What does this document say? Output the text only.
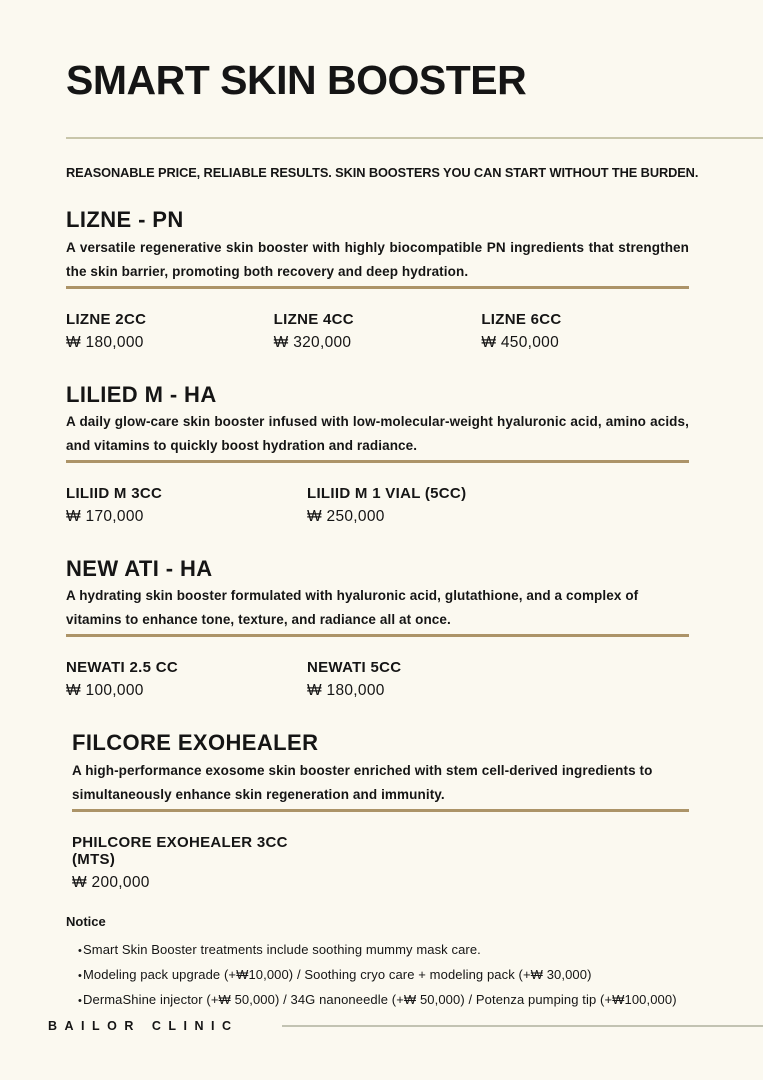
SMART SKIN BOOSTER

REASONABLE PRICE, RELIABLE RESULTS. SKIN BOOSTERS YOU CAN START WITHOUT THE BURDEN.

LIZNE - PN

A versatile regenerative skin booster with highly biocompatible PN ingredients that strengthen the skin barrier, promoting both recovery and deep hydration.

LIZNE 2CC
₩ 180,000
LIZNE 4CC
₩ 320,000
LIZNE 6CC
₩ 450,000
LILIED M - HA

A daily glow-care skin booster infused with low-molecular-weight hyaluronic acid, amino acids, and vitamins to quickly boost hydration and radiance.

LILIID M 3CC
₩ 170,000
LILIID M 1 VIAL (5CC)
₩ 250,000
NEW ATI - HA

A hydrating skin booster formulated with hyaluronic acid, glutathione, and a complex of vitamins to enhance tone, texture, and radiance all at once.

NEWATI 2.5 CC
₩ 100,000
NEWATI 5CC
₩ 180,000
FILCORE EXOHEALER

A high-performance exosome skin booster enriched with stem cell-derived ingredients to simultaneously enhance skin regeneration and immunity.

PHILCORE EXOHEALER 3CC (MTS)
₩ 200,000
Notice
• Smart Skin Booster treatments include soothing mummy mask care.
• Modeling pack upgrade (+₩10,000) / Soothing cryo care + modeling pack (+₩ 30,000)
• DermaShine injector (+₩ 50,000) / 34G nanoneedle (+₩ 50,000) / Potenza pumping tip (+₩100,000)
BAILOR CLINIC
